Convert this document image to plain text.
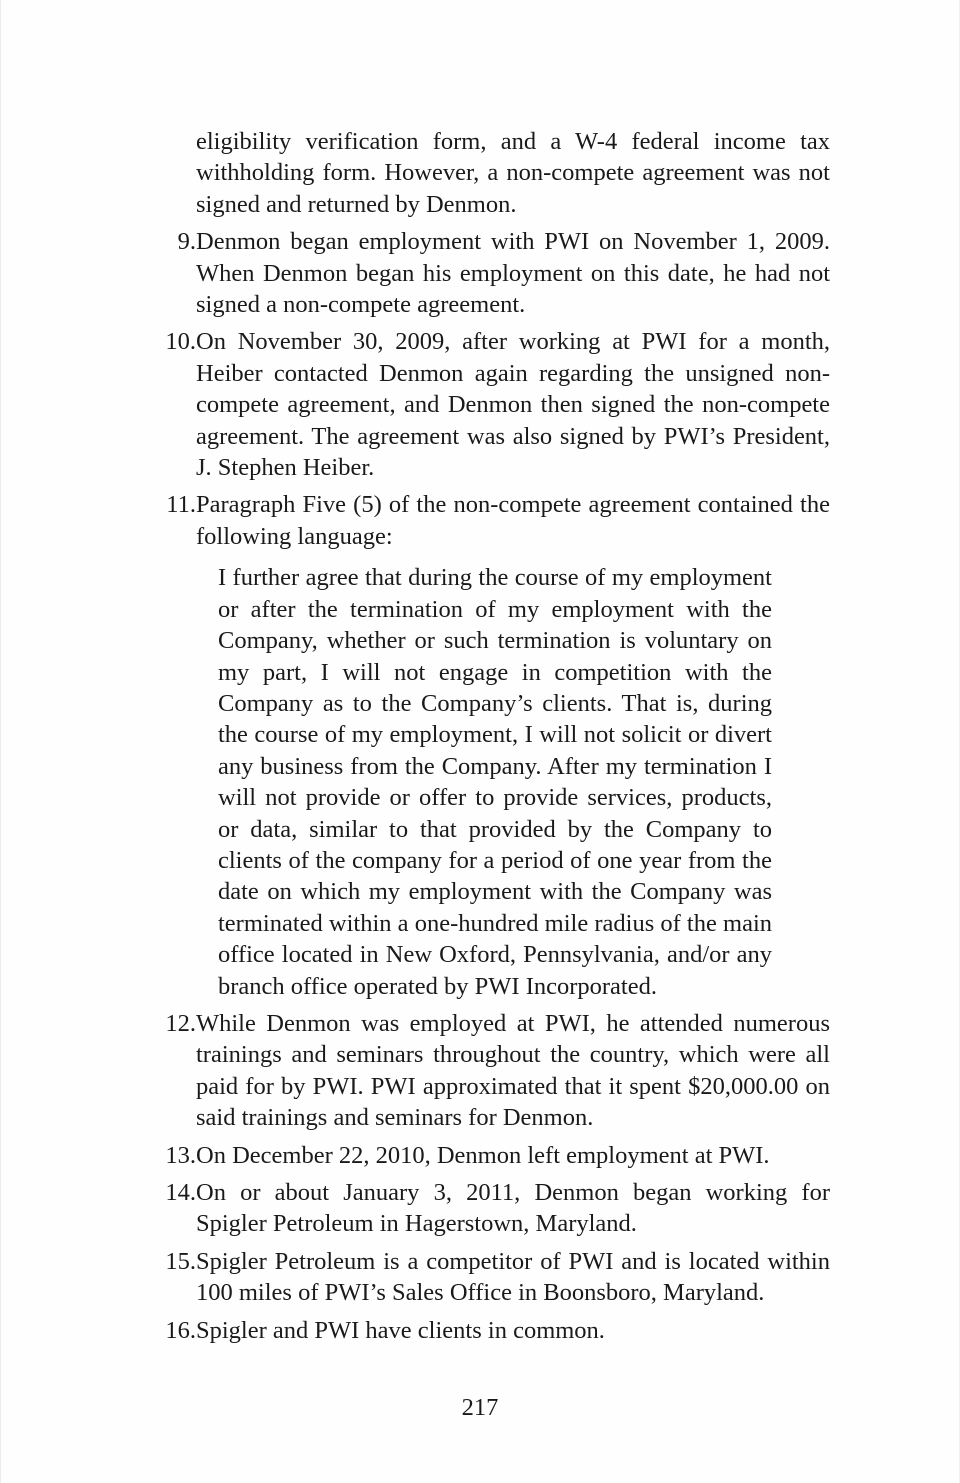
eligibility verification form, and a W-4 federal income tax withholding form. However, a non-compete agreement was not signed and returned by Denmon.

9. Denmon began employment with PWI on November 1, 2009. When Denmon began his employment on this date, he had not signed a non-compete agreement.

10. On November 30, 2009, after working at PWI for a month, Heiber contacted Denmon again regarding the unsigned non-compete agreement, and Denmon then signed the non-compete agreement. The agreement was also signed by PWI’s President, J. Stephen Heiber.

11. Paragraph Five (5) of the non-compete agreement contained the following language:

I further agree that during the course of my employment or after the termination of my employment with the Company, whether or such termination is voluntary on my part, I will not engage in competition with the Company as to the Company’s clients. That is, during the course of my employment, I will not solicit or divert any business from the Company. After my termination I will not provide or offer to provide services, products, or data, similar to that provided by the Company to clients of the company for a period of one year from the date on which my employment with the Company was terminated within a one-hundred mile radius of the main office located in New Oxford, Pennsylvania, and/or any branch office operated by PWI Incorporated.

12. While Denmon was employed at PWI, he attended numerous trainings and seminars throughout the country, which were all paid for by PWI. PWI approximated that it spent $20,000.00 on said trainings and seminars for Denmon.

13. On December 22, 2010, Denmon left employment at PWI.

14. On or about January 3, 2011, Denmon began working for Spigler Petroleum in Hagerstown, Maryland.

15. Spigler Petroleum is a competitor of PWI and is located within 100 miles of PWI’s Sales Office in Boonsboro, Maryland.

16. Spigler and PWI have clients in common.

217
